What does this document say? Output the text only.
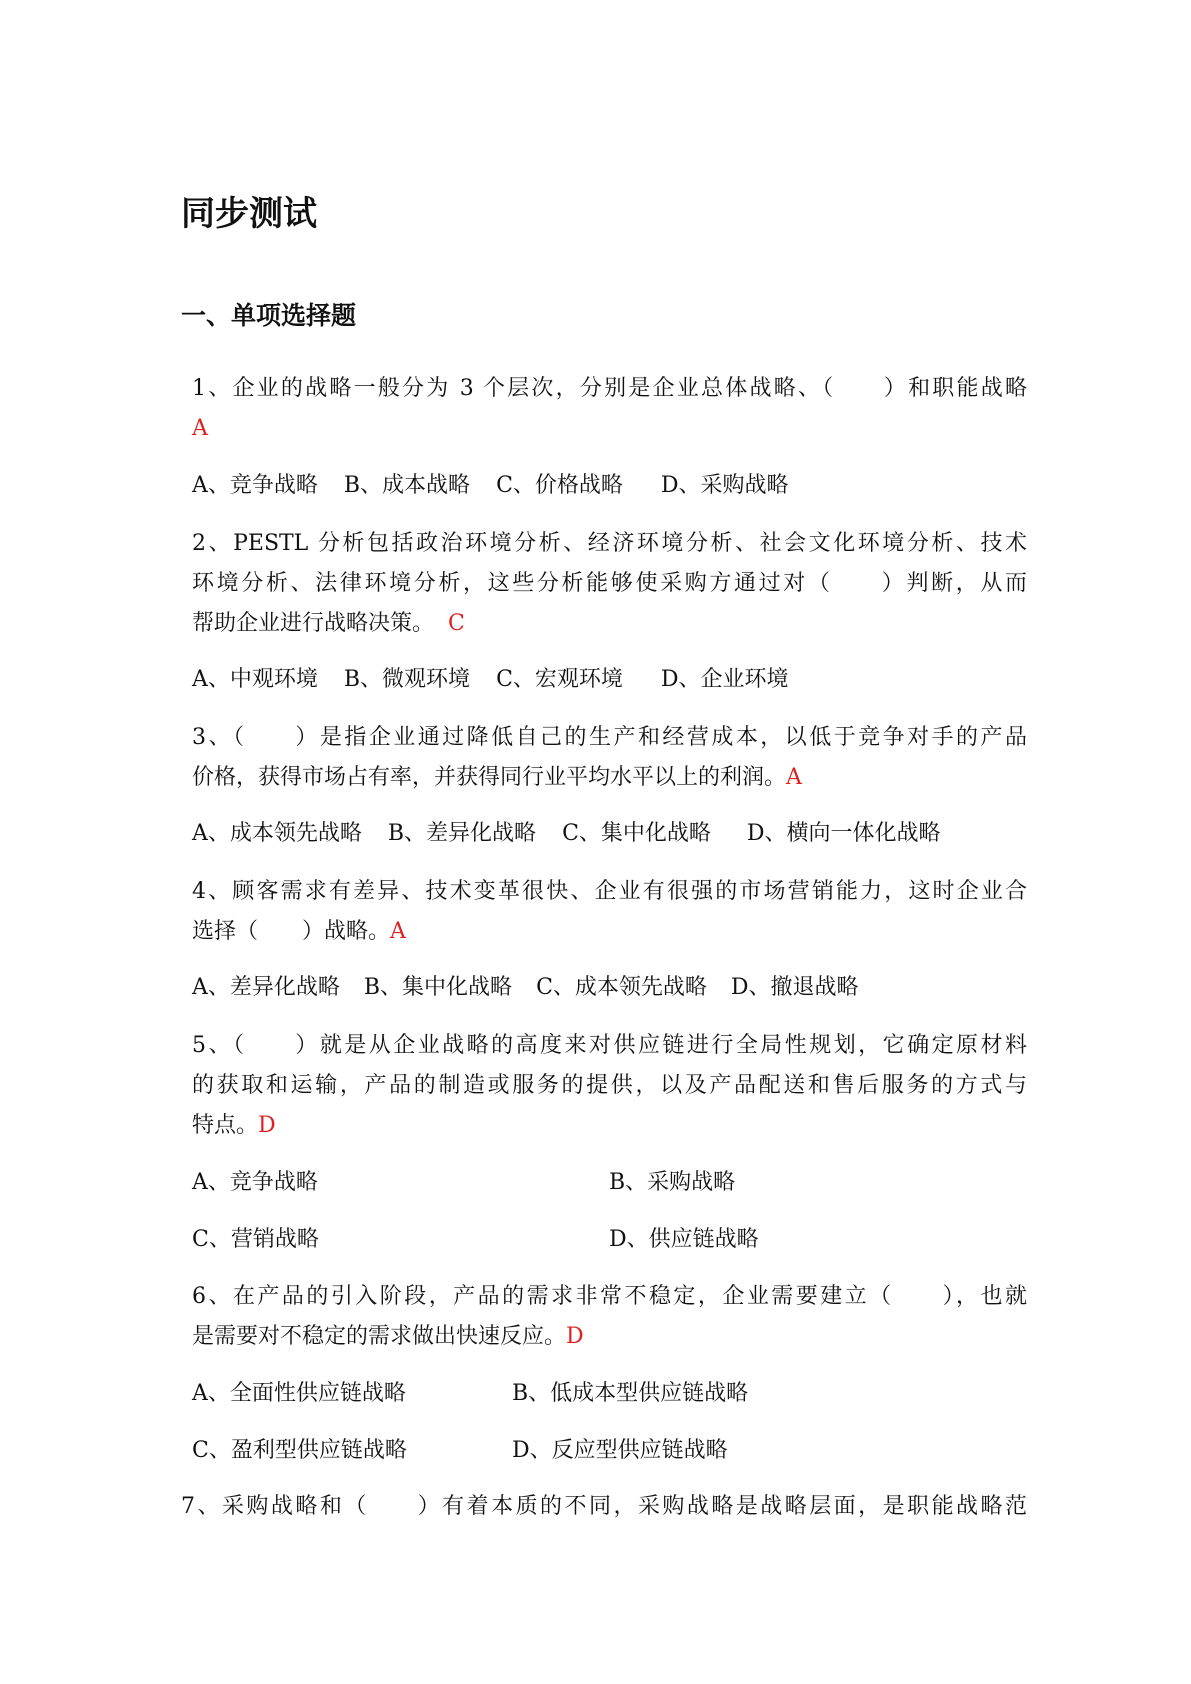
同步测试
一、单项选择题
1、企业的战略一般分为 3 个层次，分别是企业总体战略、（　　）和职能战略
A
A、竞争战略 B、成本战略 C、价格战略 D、采购战略
2、PESTL 分析包括政治环境分析、经济环境分析、社会文化环境分析、技术
环境分析、法律环境分析，这些分析能够使采购方通过对（　　）判断，从而
帮助企业进行战略决策。 C
A、中观环境 B、微观环境 C、宏观环境 D、企业环境
3、（　　）是指企业通过降低自己的生产和经营成本，以低于竞争对手的产品
价格，获得市场占有率，并获得同行业平均水平以上的利润。A
A、成本领先战略 B、差异化战略 C、集中化战略 D、横向一体化战略
4、顾客需求有差异、技术变革很快、企业有很强的市场营销能力，这时企业合
选择（　　）战略。A
A、差异化战略 B、集中化战略 C、成本领先战略 D、撤退战略
5、（　　）就是从企业战略的高度来对供应链进行全局性规划，它确定原材料
的获取和运输，产品的制造或服务的提供，以及产品配送和售后服务的方式与
特点。D
A、竞争战略	B、采购战略
C、营销战略	D、供应链战略
6、在产品的引入阶段，产品的需求非常不稳定，企业需要建立（　　），也就
是需要对不稳定的需求做出快速反应。D
A、全面性供应链战略	B、低成本型供应链战略
C、盈利型供应链战略	D、反应型供应链战略
7、采购战略和（　　）有着本质的不同，采购战略是战略层面，是职能战略范
